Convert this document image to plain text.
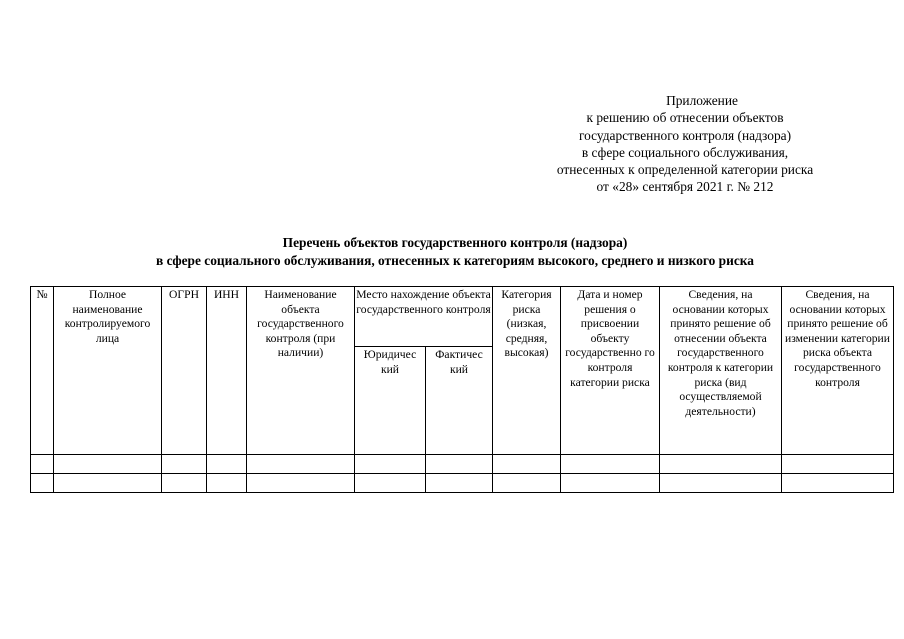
Приложение
к решению об отнесении объектов
государственного контроля (надзора)
в сфере социального обслуживания,
отнесенных к определенной категории риска
от «28» сентября 2021 г. № 212
Перечень объектов государственного контроля (надзора)
в сфере социального обслуживания, отнесенных к категориям высокого, среднего и низкого риска
№	Полное наименование контролируемого лица	ОГРН	ИНН	Наименование объекта государственного контроля (при наличии)	Место нахождение объекта государственного контроля		Категория риска (низкая, средняя, высокая)	Дата и номер решения о присвоении объекту государственно го контроля категории риска	Сведения, на основании которых принято решение об отнесении объекта государственного контроля к категории риска (вид осуществляемой деятельности)	Сведения, на основании которых принято решение об изменении категории риска объекта государственного контроля
					Юридичес кий	Фактичес кий				
